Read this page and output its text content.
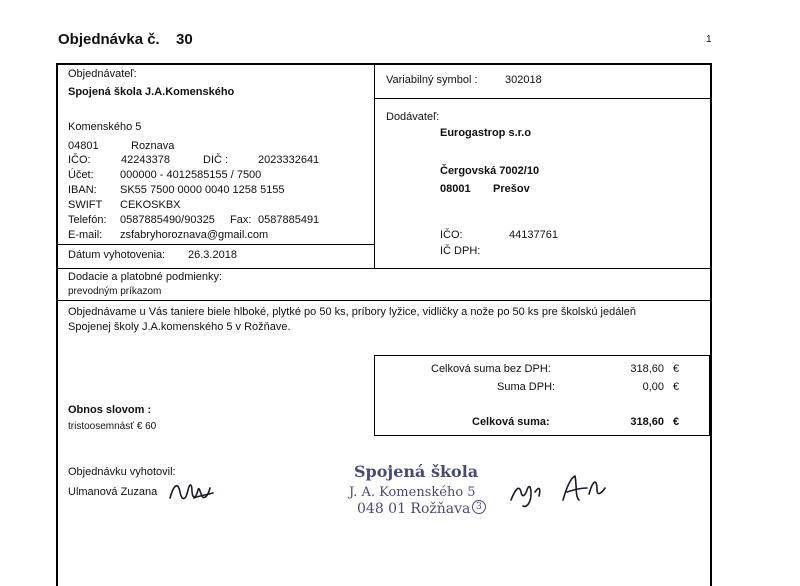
Objednávka č. 30	1
Objednávateľ:
Spojená škola J.A.Komenského
Komenského 5
04801	Roznava
IČO:	42243378	DIČ :	2023332641
Účet: 000000 - 4012585155 / 7500
IBAN: SK55 7500 0000 0040 1258 5155
SWIFT CEKOSKBX
Telefón: 0587885490/90325 Fax: 0587885491
E-mail: zsfabryhoroznava@gmail.com
Dátum vyhotovenia: 26.3.2018
Variabilný symbol :	302018
Dodávateľ:
Eurogastrop s.r.o
Čergovská 7002/10
08001 Prešov
IČO:	44137761
IČ DPH:
Dodacie a platobné podmienky:
prevodným príkazom
Objednávame u Vás taniere biele hlboké, plytké po 50 ks, príbory lyžice, vidličky a nože po 50 ks pre školskú jedáleň
Spojenej školy J.A.komenského 5 v Rožňave.
Celková suma bez DPH:	318,60 €
Suma DPH:	0,00 €
Celková suma:	318,60 €
Obnos slovom :
tristoosemnásť € 60
Objednávku vyhotovil:
Ulmanová Zuzana
Spojená škola
J. A. Komenského 5
048 01 Rožňava 3
